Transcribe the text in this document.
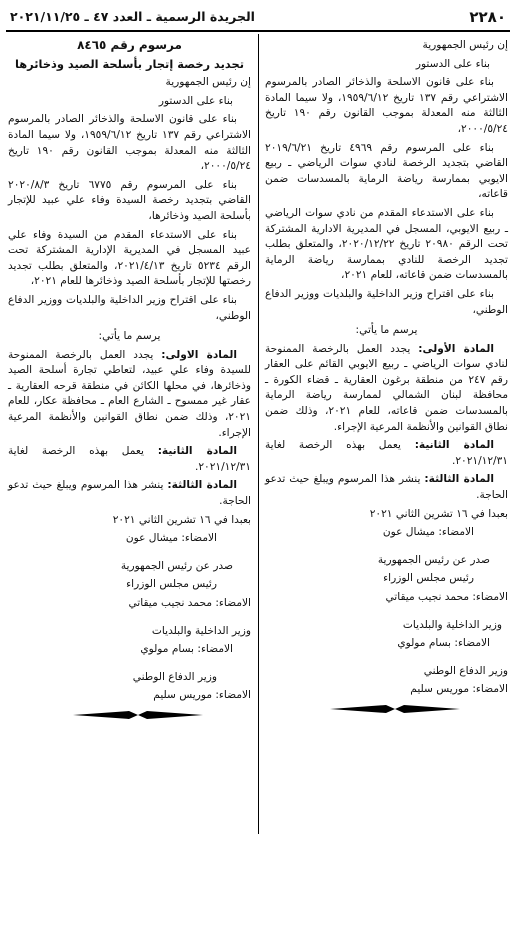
٢٢٨٠
الجريدة الرسمية ـ العدد ٤٧ ـ ٢٠٢١/١١/٢٥

إن رئيس الجمهورية

بناء على الدستور

بناء على قانون الاسلحة والذخائر الصادر بالمرسوم الاشتراعي رقم ١٣٧ تاريخ ١٩٥٩/٦/١٢، ولا سيما المادة الثالثة منه المعدلة بموجب القانون رقم ١٩٠ تاريخ ٢٠٠٠/٥/٢٤،

بناء على المرسوم رقم ٤٩٦٩ تاريخ ٢٠١٩/٦/٢١ القاضي بتجديد الرخصة لنادي سوات الرياضي ـ ربيع الايوبي بممارسة رياضة الرماية بالمسدسات ضمن قاعاته،

بناء على الاستدعاء المقدم من نادي سوات الرياضي ـ ربيع الايوبي، المسجل في المديرية الادارية المشتركة تحت الرقم ٢٠٩٨٠ تاريخ ٢٠٢٠/١٢/٢٢، والمتعلق بطلب تجديد الرخصة للنادي بممارسة رياضة الرماية بالمسدسات ضمن قاعاته، للعام ٢٠٢١،

بناء على اقتراح وزير الداخلية والبلديات ووزير الدفاع الوطني،

يرسم ما يأتي:

المادة الأولى: يجدد العمل بالرخصة الممنوحة لنادي سوات الرياضي ـ ربيع الايوبي القائم على العقار رقم ٢٤٧ من منطقة برغون العقارية ـ قضاء الكورة ـ محافظة لبنان الشمالي لممارسة رياضة الرماية بالمسدسات ضمن قاعاته، للعام ٢٠٢١، وذلك ضمن نطاق القوانين والأنظمة المرعية الإجراء.

المادة الثانية: يعمل بهذه الرخصة لغاية ٢٠٢١/١٢/٣١.

المادة الثالثة: ينشر هذا المرسوم ويبلغ حيث تدعو الحاجة.

بعبدا في ١٦ تشرين الثاني ٢٠٢١

الامضاء: ميشال عون

صدر عن رئيس الجمهورية

رئيس مجلس الوزراء

الامضاء: محمد نجيب ميقاتي

وزير الداخلية والبلديات

الامضاء: بسام مولوي

وزير الدفاع الوطني

الامضاء: موريس سليم

مرسوم رقم ٨٤٦٥

تجديد رخصة إتجار بأسلحة الصيد وذخائرها

إن رئيس الجمهورية

بناء على الدستور

بناء على قانون الاسلحة والذخائر الصادر بالمرسوم الاشتراعي رقم ١٣٧ تاريخ ١٩٥٩/٦/١٢، ولا سيما المادة الثالثة منه المعدلة بموجب القانون رقم ١٩٠ تاريخ ٢٠٠٠/٥/٢٤،

بناء على المرسوم رقم ٦٧٧٥ تاريخ ٢٠٢٠/٨/٣ القاضي بتجديد رخصة السيدة وفاء علي عبيد للإتجار بأسلحة الصيد وذخائرها،

بناء على الاستدعاء المقدم من السيدة وفاء علي عبيد المسجل في المديرية الإدارية المشتركة تحت الرقم ٥٢٣٤ تاريخ ٢٠٢١/٤/١٣، والمتعلق بطلب تجديد رخصتها للإتجار بأسلحة الصيد وذخائرها للعام ٢٠٢١،

بناء على اقتراح وزير الداخلية والبلديات ووزير الدفاع الوطني،

يرسم ما يأتي:

المادة الاولى: يجدد العمل بالرخصة الممنوحة للسيدة وفاء علي عبيد، لتعاطي تجارة أسلحة الصيد وذخائرها، في محلها الكائن في منطقة قرحه العقارية ـ عقار غير ممسوح ـ الشارع العام ـ محافظة عكار، للعام ٢٠٢١، وذلك ضمن نطاق القوانين والأنظمة المرعية الإجراء.

المادة الثانية: يعمل بهذه الرخصة لغاية ٢٠٢١/١٢/٣١.

المادة الثالثة: ينشر هذا المرسوم ويبلغ حيث تدعو الحاجة.

بعبدا في ١٦ تشرين الثاني ٢٠٢١

الامضاء: ميشال عون

صدر عن رئيس الجمهورية

رئيس مجلس الوزراء

الامضاء: محمد نجيب ميقاتي

وزير الداخلية والبلديات

الامضاء: بسام مولوي

وزير الدفاع الوطني

الامضاء: موريس سليم
